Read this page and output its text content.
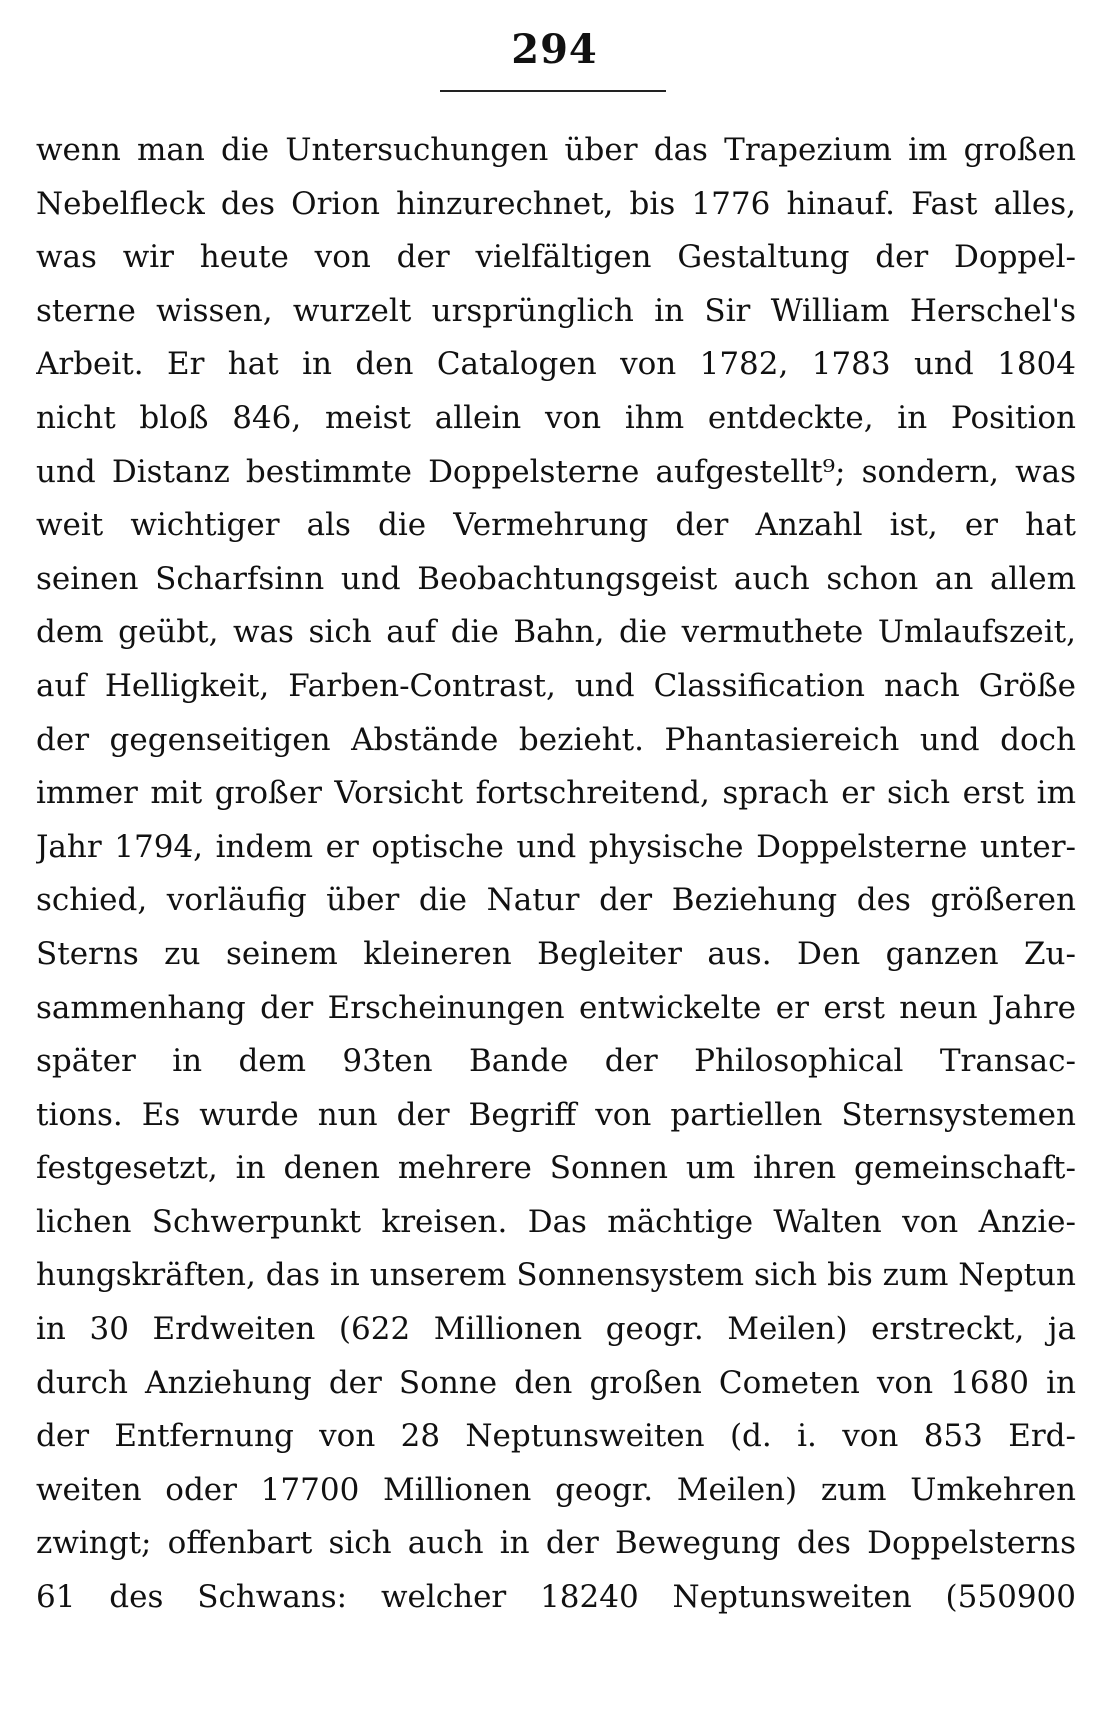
294
wenn man die Untersuchungen über das Trapezium im großen
Nebelfleck des Orion hinzurechnet, bis 1776 hinauf. Fast alles,
was wir heute von der vielfältigen Gestaltung der Doppel-
sterne wissen, wurzelt ursprünglich in Sir William Herschel's
Arbeit. Er hat in den Catalogen von 1782, 1783 und 1804
nicht bloß 846, meist allein von ihm entdeckte, in Position
und Distanz bestimmte Doppelsterne aufgestellt⁹; sondern, was
weit wichtiger als die Vermehrung der Anzahl ist, er hat
seinen Scharfsinn und Beobachtungsgeist auch schon an allem
dem geübt, was sich auf die Bahn, die vermuthete Umlaufszeit,
auf Helligkeit, Farben-Contrast, und Classification nach Größe
der gegenseitigen Abstände bezieht. Phantasiereich und doch
immer mit großer Vorsicht fortschreitend, sprach er sich erst im
Jahr 1794, indem er optische und physische Doppelsterne unter-
schied, vorläufig über die Natur der Beziehung des größeren
Sterns zu seinem kleineren Begleiter aus. Den ganzen Zu-
sammenhang der Erscheinungen entwickelte er erst neun Jahre
später in dem 93ten Bande der Philosophical Transac-
tions. Es wurde nun der Begriff von partiellen Sternsystemen
festgesetzt, in denen mehrere Sonnen um ihren gemeinschaft-
lichen Schwerpunkt kreisen. Das mächtige Walten von Anzie-
hungskräften, das in unserem Sonnensystem sich bis zum Neptun
in 30 Erdweiten (622 Millionen geogr. Meilen) erstreckt, ja
durch Anziehung der Sonne den großen Cometen von 1680 in
der Entfernung von 28 Neptunsweiten (d. i. von 853 Erd-
weiten oder 17700 Millionen geogr. Meilen) zum Umkehren
zwingt; offenbart sich auch in der Bewegung des Doppelsterns
61 des Schwans: welcher 18240 Neptunsweiten (550900
